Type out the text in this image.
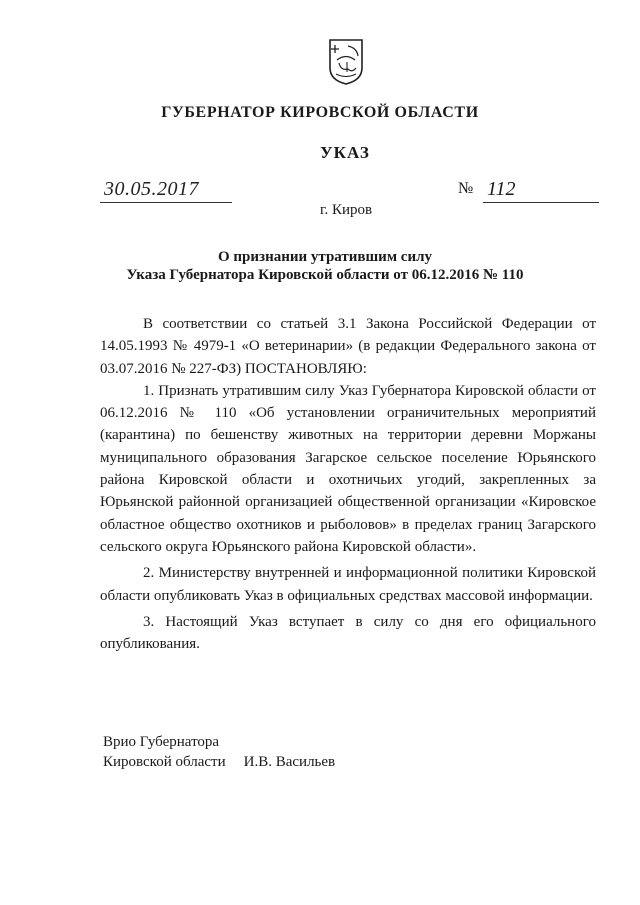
ГУБЕРНАТОР КИРОВСКОЙ ОБЛАСТИ
УКАЗ
30.05.2017	№ 112
г. Киров
О признании утратившим силу
Указа Губернатора Кировской области от 06.12.2016 № 110

В соответствии со статьей 3.1 Закона Российской Федерации от 14.05.1993 № 4979-1 «О ветеринарии» (в редакции Федерального закона от 03.07.2016 № 227-ФЗ) ПОСТАНОВЛЯЮ:

1. Признать утратившим силу Указ Губернатора Кировской области от 06.12.2016 № 110 «Об установлении ограничительных мероприятий (карантина) по бешенству животных на территории деревни Моржаны муниципального образования Загарское сельское поселение Юрьянского района Кировской области и охотничьих угодий, закрепленных за Юрьянской районной организацией общественной организации «Кировское областное общество охотников и рыболовов» в пределах границ Загарского сельского округа Юрьянского района Кировской области».

2. Министерству внутренней и информационной политики Кировской области опубликовать Указ в официальных средствах массовой информации.

3. Настоящий Указ вступает в силу со дня его официального опубликования.

Врио Губернатора
Кировской области И.В. Васильев
